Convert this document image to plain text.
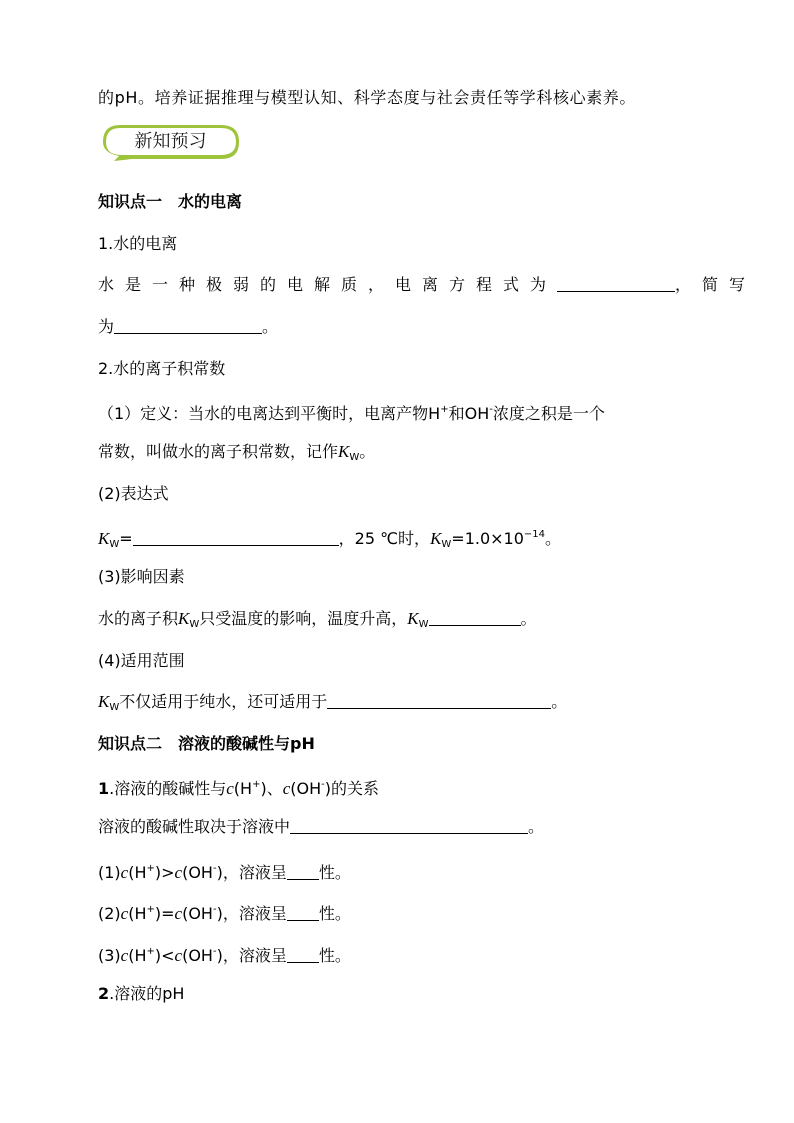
的pH。培养证据推理与模型认知、科学态度与社会责任等学科核心素养。
新知预习
知识点一　水的电离
1.水的电离
水是一种极弱的电解质，电离方程式为	，简写
为	。
2.水的离子积常数
（1）定义：当水的电离达到平衡时，电离产物H+和OH-浓度之积是一个
常数，叫做水的离子积常数，记作$K_W$。
(2)表达式
$K_W=$	，25 ℃时，$K_W=1.0\times 10^{-14}$。
(3)影响因素
水的离子积$K_W$只受温度的影响，温度升高，$K_W$	。
(4)适用范围
$K_W$不仅适用于纯水，还可适用于	。
知识点二　溶液的酸碱性与pH
1.溶液的酸碱性与c(H+)、c(OH-)的关系
溶液的酸碱性取决于溶液中	。
(1)c(H+)>c(OH-)，溶液呈 性。
(2)c(H+)=c(OH-)，溶液呈 性。
(3)c(H+)<c(OH-)，溶液呈 性。
2.溶液的pH
